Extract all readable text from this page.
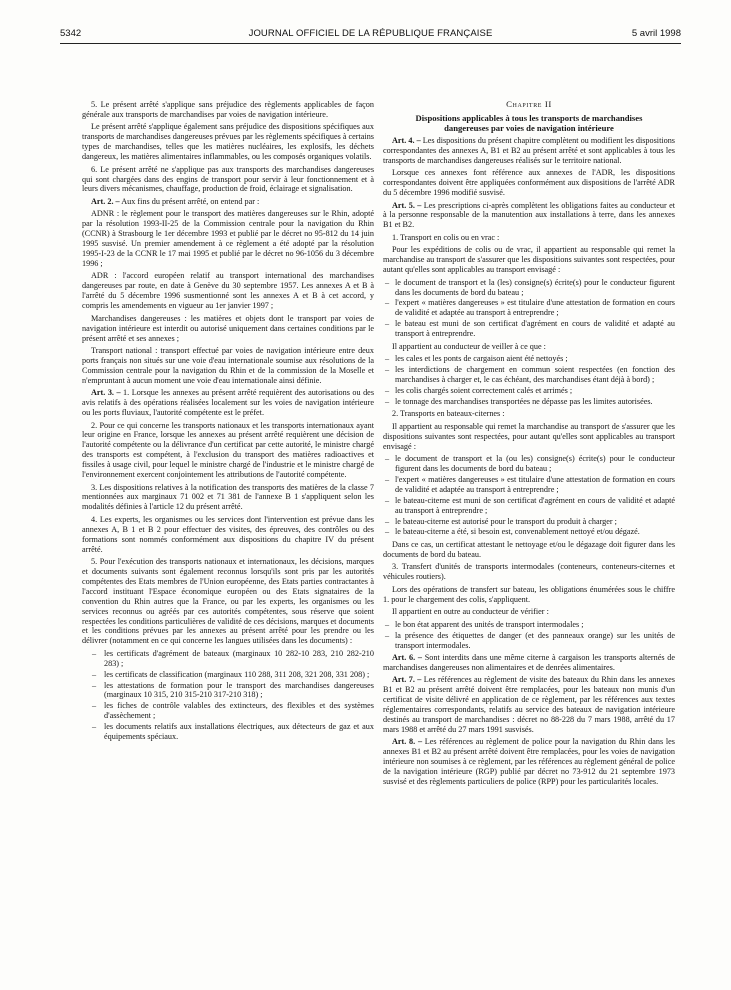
5342	JOURNAL OFFICIEL DE LA RÉPUBLIQUE FRANÇAISE	5 avril 1998

5. Le présent arrêté s'applique sans préjudice des règlements applicables de façon générale aux transports de marchandises par voies de navigation intérieure.

Le présent arrêté s'applique également sans préjudice des dispositions spécifiques aux transports de marchandises dangereuses prévues par les règlements spécifiques à certains types de marchandises, telles que les matières nucléaires, les explosifs, les déchets dangereux, les matières alimentaires inflammables, ou les composés organiques volatils.

6. Le présent arrêté ne s'applique pas aux transports des marchandises dangereuses qui sont chargées dans des engins de transport pour servir à leur fonctionnement et à leurs divers mécanismes, chauffage, production de froid, éclairage et signalisation.

Art. 2. – Aux fins du présent arrêté, on entend par :

ADNR : le règlement pour le transport des matières dangereuses sur le Rhin, adopté par la résolution 1993-II-25 de la Commission centrale pour la navigation du Rhin (CCNR) à Strasbourg le 1er décembre 1993 et publié par le décret no 95-812 du 14 juin 1995 susvisé. Un premier amendement à ce règlement a été adopté par la résolution 1995-I-23 de la CCNR le 17 mai 1995 et publié par le décret no 96-1056 du 3 décembre 1996 ;

ADR : l'accord européen relatif au transport international des marchandises dangereuses par route, en date à Genève du 30 septembre 1957. Les annexes A et B à l'arrêté du 5 décembre 1996 susmentionné sont les annexes A et B à cet accord, y compris les amendements en vigueur au 1er janvier 1997 ;

Marchandises dangereuses : les matières et objets dont le transport par voies de navigation intérieure est interdit ou autorisé uniquement dans certaines conditions par le présent arrêté et ses annexes ;

Transport national : transport effectué par voies de navigation intérieure entre deux ports français non situés sur une voie d'eau internationale soumise aux résolutions de la Commission centrale pour la navigation du Rhin et de la commission de la Moselle et n'empruntant à aucun moment une voie d'eau internationale ainsi définie.

Art. 3. – 1. Lorsque les annexes au présent arrêté requièrent des autorisations ou des avis relatifs à des opérations réalisées localement sur les voies de navigation intérieure ou les ports fluviaux, l'autorité compétente est le préfet.

2. Pour ce qui concerne les transports nationaux et les transports internationaux ayant leur origine en France, lorsque les annexes au présent arrêté requièrent une décision de l'autorité compétente ou la délivrance d'un certificat par cette autorité, le ministre chargé des transports est compétent, à l'exclusion du transport des matières radioactives et fissiles à usage civil, pour lequel le ministre chargé de l'industrie et le ministre chargé de l'environnement exercent conjointement les attributions de l'autorité compétente.

3. Les dispositions relatives à la notification des transports des matières de la classe 7 mentionnées aux marginaux 71 002 et 71 381 de l'annexe B 1 s'appliquent selon les modalités définies à l'article 12 du présent arrêté.

4. Les experts, les organismes ou les services dont l'intervention est prévue dans les annexes A, B 1 et B 2 pour effectuer des visites, des épreuves, des contrôles ou des formations sont nommés conformément aux dispositions du chapitre IV du présent arrêté.

5. Pour l'exécution des transports nationaux et internationaux, les décisions, marques et documents suivants sont également reconnus lorsqu'ils sont pris par les autorités compétentes des Etats membres de l'Union européenne, des Etats parties contractantes à l'accord instituant l'Espace économique européen ou des Etats signataires de la convention du Rhin autres que la France, ou par les experts, les organismes ou les services reconnus ou agréés par ces autorités compétentes, sous réserve que soient respectées les conditions particulières de validité de ces décisions, marques et documents et les conditions prévues par les annexes au présent arrêté pour les prendre ou les délivrer (notamment en ce qui concerne les langues utilisées dans les documents) :

– les certificats d'agrément de bateaux (marginaux 10 282-10 283, 210 282-210 283) ;
– les certificats de classification (marginaux 110 288, 311 208, 321 208, 331 208) ;
– les attestations de formation pour le transport des marchandises dangereuses (marginaux 10 315, 210 315-210 317-210 318) ;
– les fiches de contrôle valables des extincteurs, des flexibles et des systèmes d'assèchement ;
– les documents relatifs aux installations électriques, aux détecteurs de gaz et aux équipements spéciaux.
Chapitre II
Dispositions applicables à tous les transports de marchandises dangereuses par voies de navigation intérieure

Art. 4. – Les dispositions du présent chapitre complètent ou modifient les dispositions correspondantes des annexes A, B1 et B2 au présent arrêté et sont applicables à tous les transports de marchandises dangereuses réalisés sur le territoire national.

Lorsque ces annexes font référence aux annexes de l'ADR, les dispositions correspondantes doivent être appliquées conformément aux dispositions de l'arrêté ADR du 5 décembre 1996 modifié susvisé.

Art. 5. – Les prescriptions ci-après complètent les obligations faites au conducteur et à la personne responsable de la manutention aux installations à terre, dans les annexes B1 et B2.

1. Transport en colis ou en vrac :

Pour les expéditions de colis ou de vrac, il appartient au responsable qui remet la marchandise au transport de s'assurer que les dispositions suivantes sont respectées, pour autant qu'elles sont applicables au transport envisagé :

– le document de transport et la (les) consigne(s) écrite(s) pour le conducteur figurent dans les documents de bord du bateau ;
– l'expert « matières dangereuses » est titulaire d'une attestation de formation en cours de validité et adaptée au transport à entreprendre ;
– le bateau est muni de son certificat d'agrément en cours de validité et adapté au transport à entreprendre.

Il appartient au conducteur de veiller à ce que :

– les cales et les ponts de cargaison aient été nettoyés ;
– les interdictions de chargement en commun soient respectées (en fonction des marchandises à charger et, le cas échéant, des marchandises étant déjà à bord) ;
– les colis chargés soient correctement calés et arrimés ;
– le tonnage des marchandises transportées ne dépasse pas les limites autorisées.

2. Transports en bateaux-citernes :

Il appartient au responsable qui remet la marchandise au transport de s'assurer que les dispositions suivantes sont respectées, pour autant qu'elles sont applicables au transport envisagé :

– le document de transport et la (ou les) consigne(s) écrite(s) pour le conducteur figurent dans les documents de bord du bateau ;
– l'expert « matières dangereuses » est titulaire d'une attestation de formation en cours de validité et adaptée au transport à entreprendre ;
– le bateau-citerne est muni de son certificat d'agrément en cours de validité et adapté au transport à entreprendre ;
– le bateau-citerne est autorisé pour le transport du produit à charger ;
– le bateau-citerne a été, si besoin est, convenablement nettoyé et/ou dégazé.

Dans ce cas, un certificat attestant le nettoyage et/ou le dégazage doit figurer dans les documents de bord du bateau.

3. Transfert d'unités de transports intermodales (conteneurs, conteneurs-citernes et véhicules routiers).

Lors des opérations de transfert sur bateau, les obligations énumérées sous le chiffre 1. pour le chargement des colis, s'appliquent.

Il appartient en outre au conducteur de vérifier :

– le bon état apparent des unités de transport intermodales ;
– la présence des étiquettes de danger (et des panneaux orange) sur les unités de transport intermodales.

Art. 6. – Sont interdits dans une même citerne à cargaison les transports alternés de marchandises dangereuses non alimentaires et de denrées alimentaires.

Art. 7. – Les références au règlement de visite des bateaux du Rhin dans les annexes B1 et B2 au présent arrêté doivent être remplacées, pour les bateaux non munis d'un certificat de visite délivré en application de ce règlement, par les références aux textes réglementaires correspondants, relatifs au service des bateaux de navigation intérieure destinés au transport de marchandises : décret no 88-228 du 7 mars 1988, arrêté du 17 mars 1988 et arrêté du 27 mars 1991 susvisés.

Art. 8. – Les références au règlement de police pour la navigation du Rhin dans les annexes B1 et B2 au présent arrêté doivent être remplacées, pour les voies de navigation intérieure non soumises à ce règlement, par les références au règlement général de police de la navigation intérieure (RGP) publié par décret no 73-912 du 21 septembre 1973 susvisé et des règlements particuliers de police (RPP) pour les particularités locales.
